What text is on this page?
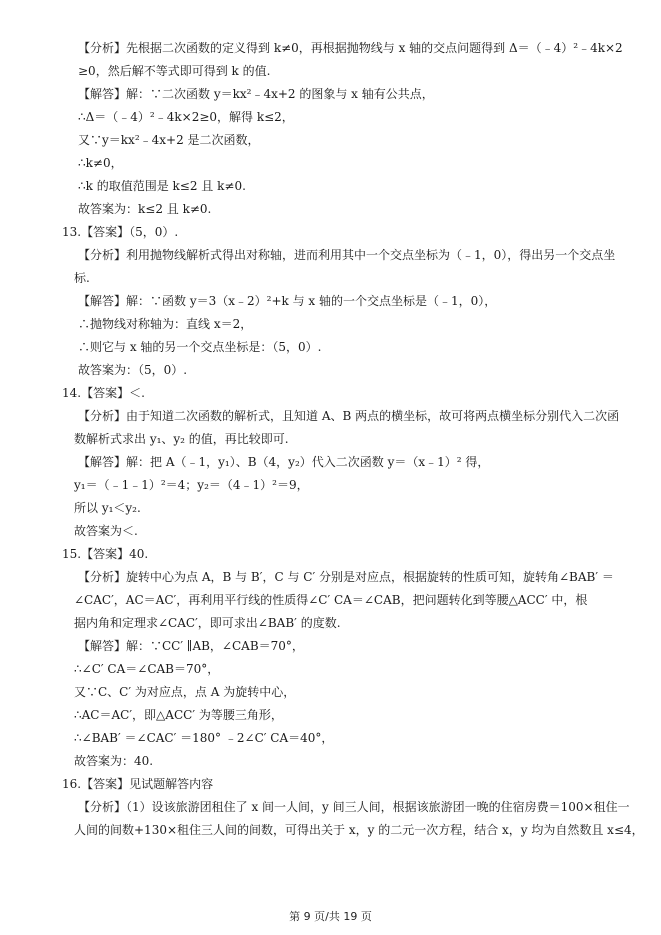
【分析】先根据二次函数的定义得到 k≠0，再根据抛物线与 x 轴的交点问题得到 Δ＝（﹣4）²﹣4k×2
≥0，然后解不等式即可得到 k 的值.
【解答】解：∵二次函数 y＝kx²﹣4x+2 的图象与 x 轴有公共点，
∴Δ＝（﹣4）²﹣4k×2≥0，解得 k≤2，
又∵y＝kx²﹣4x+2 是二次函数，
∴k≠0，
∴k 的取值范围是 k≤2 且 k≠0.
故答案为：k≤2 且 k≠0.
13.【答案】（5，0）.
【分析】利用抛物线解析式得出对称轴，进而利用其中一个交点坐标为（﹣1，0），得出另一个交点坐
标.
【解答】解：∵函数 y＝3（x﹣2）²+k 与 x 轴的一个交点坐标是（﹣1，0），
∴抛物线对称轴为：直线 x＝2，
∴则它与 x 轴的另一个交点坐标是：（5，0）.
故答案为：（5，0）.
14.【答案】＜.
【分析】由于知道二次函数的解析式，且知道 A、B 两点的横坐标，故可将两点横坐标分别代入二次函
数解析式求出 y₁、y₂ 的值，再比较即可.
【解答】解：把 A（﹣1，y₁）、B（4，y₂）代入二次函数 y＝（x﹣1）² 得，
y₁＝（﹣1﹣1）²＝4；y₂＝（4﹣1）²＝9，
所以 y₁＜y₂.
故答案为＜.
15.【答案】40.
【分析】旋转中心为点 A，B 与 B′，C 与 C′ 分别是对应点，根据旋转的性质可知，旋转角∠BAB′ ＝
∠CAC′，AC＝AC′，再利用平行线的性质得∠C′ CA＝∠CAB，把问题转化到等腰△ACC′ 中，根
据内角和定理求∠CAC′，即可求出∠BAB′ 的度数.
【解答】解：∵CC′ ∥AB，∠CAB＝70°，
∴∠C′ CA＝∠CAB＝70°，
又∵C、C′ 为对应点，点 A 为旋转中心，
∴AC＝AC′，即△ACC′ 为等腰三角形，
∴∠BAB′ ＝∠CAC′ ＝180° ﹣2∠C′ CA＝40°，
故答案为：40.
16.【答案】见试题解答内容
【分析】（1）设该旅游团租住了 x 间一人间，y 间三人间，根据该旅游团一晚的住宿房费＝100×租住一
人间的间数+130×租住三人间的间数，可得出关于 x，y 的二元一次方程，结合 x，y 均为自然数且 x≤4，
第 9 页/共 19 页
